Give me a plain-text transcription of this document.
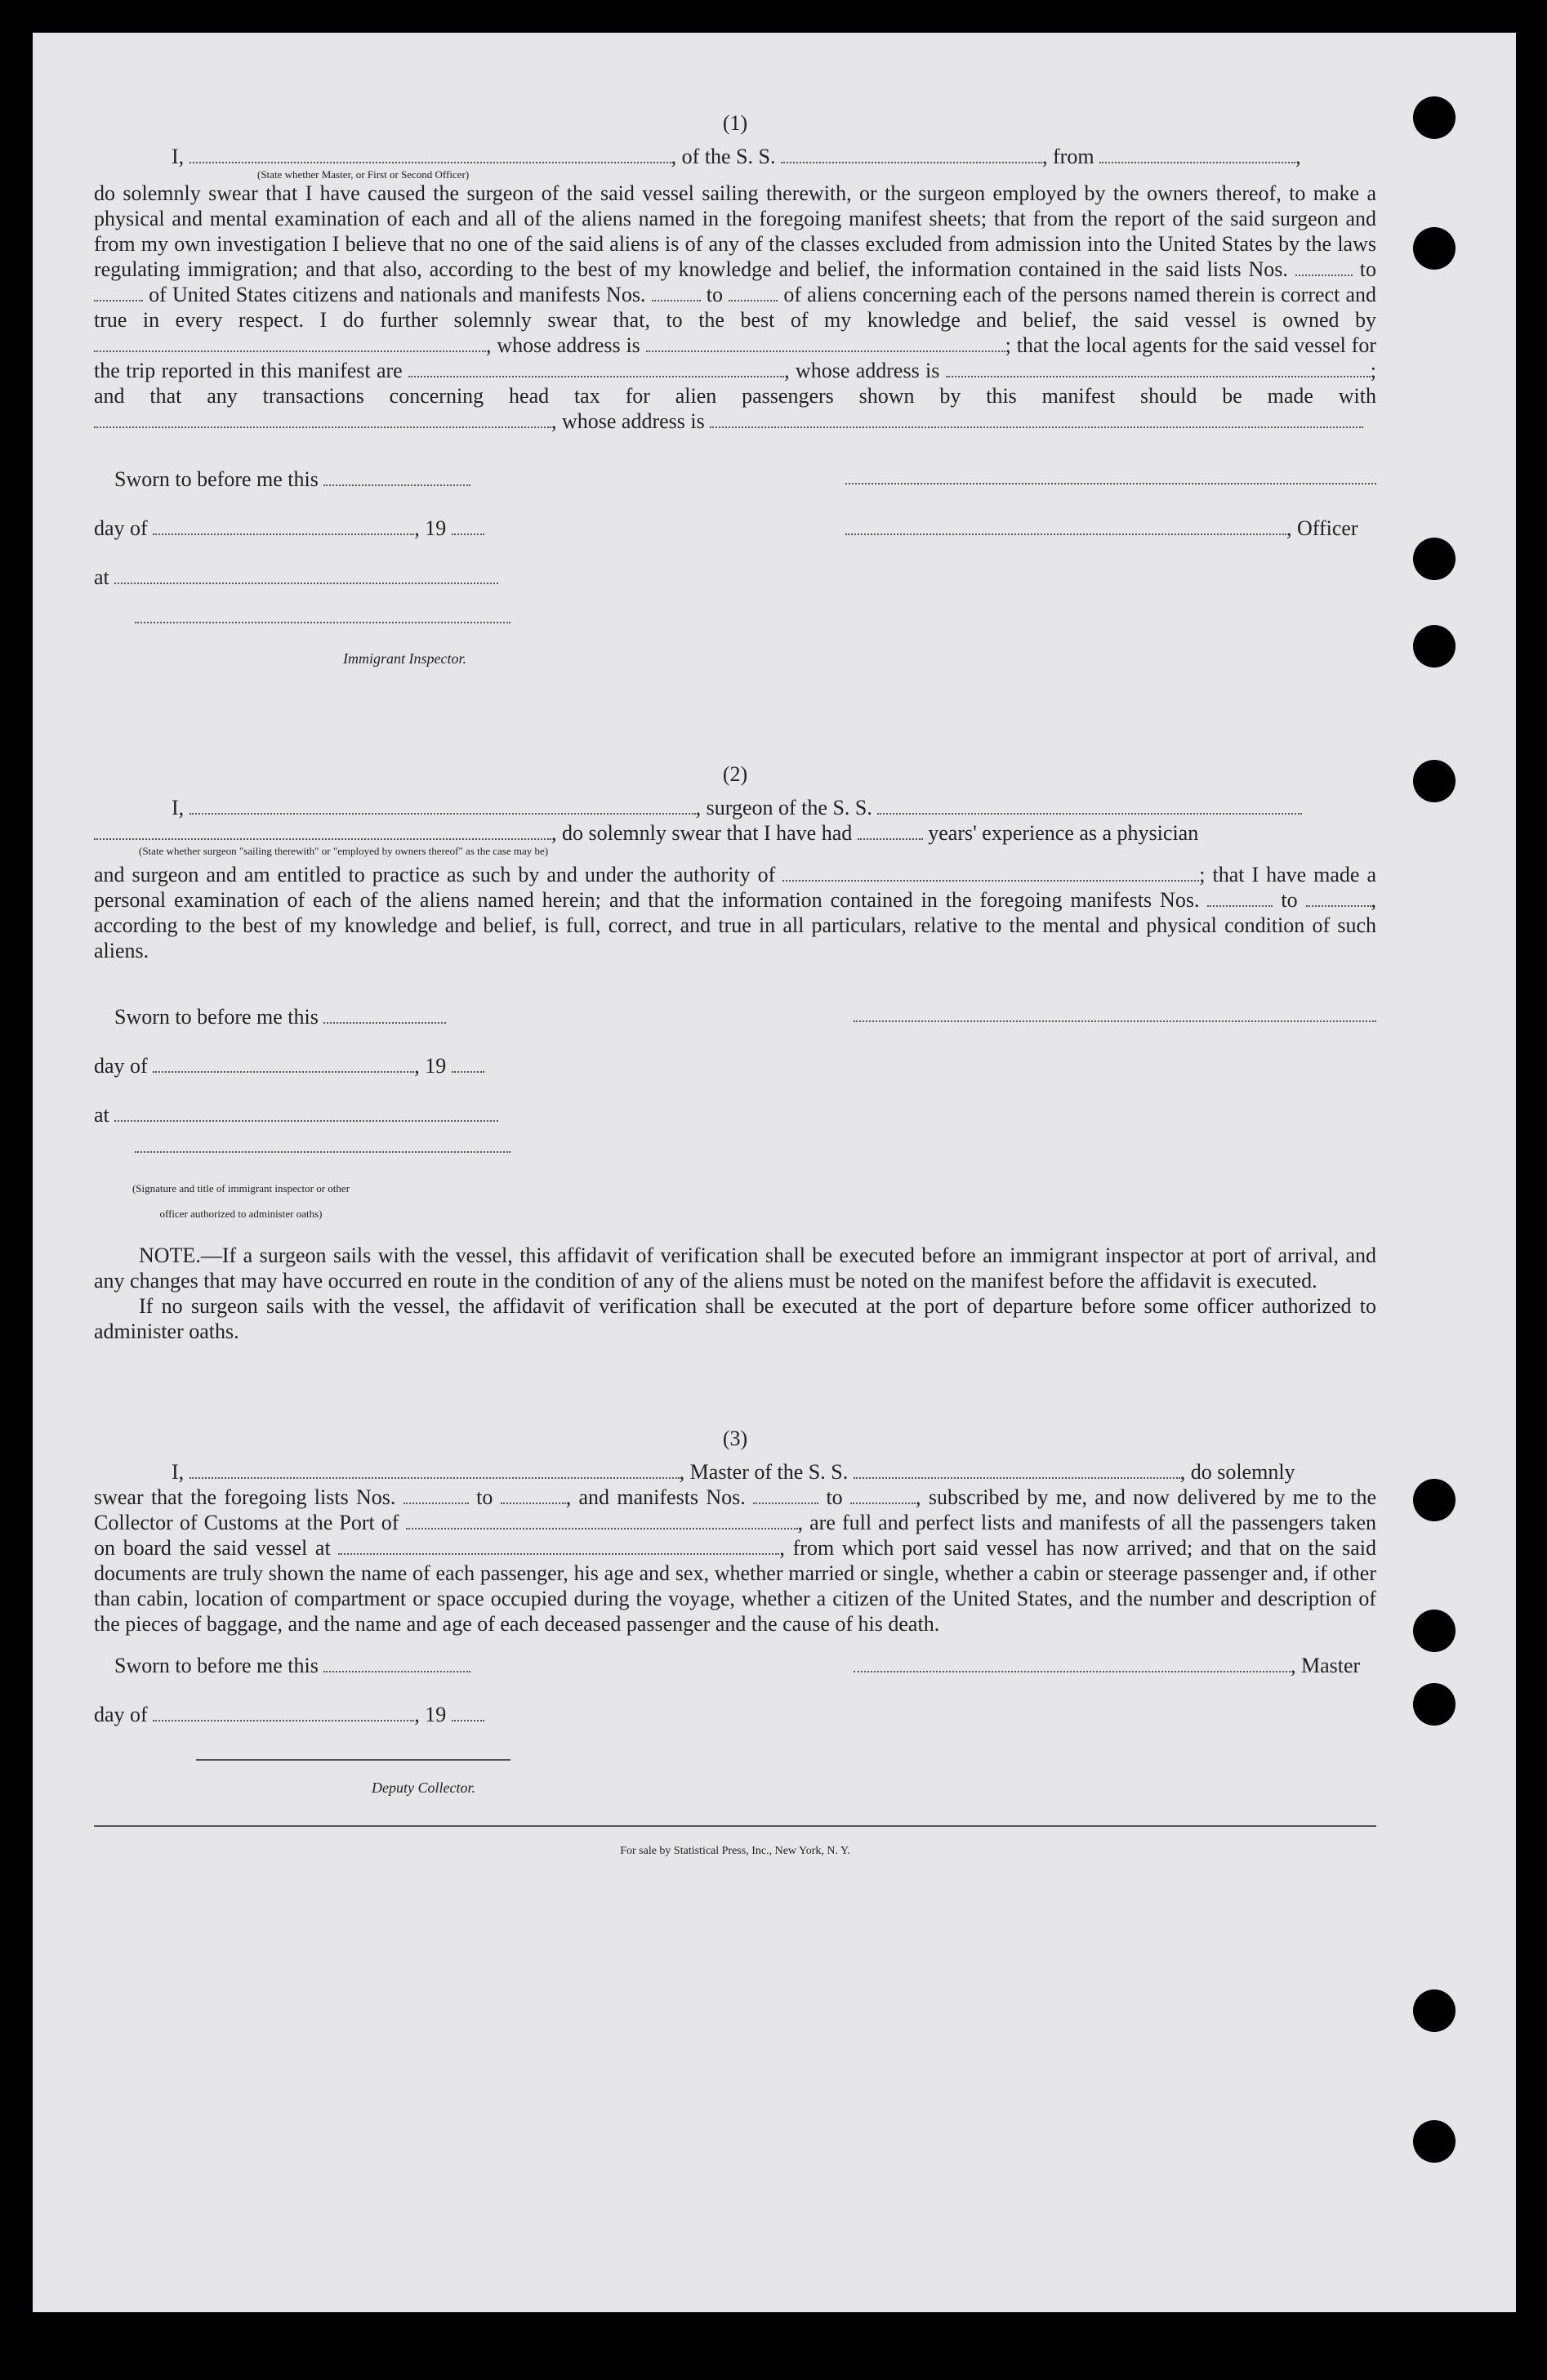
(1)

I,	, of the S. S.	, from	,

(State whether Master, or First or Second Officer)

do solemnly swear that I have caused the surgeon of the said vessel sailing therewith, or the surgeon employed by the owners thereof, to make a physical and mental examination of each and all of the aliens named in the foregoing manifest sheets; that from the report of the said surgeon and from my own investigation I believe that no one of the said aliens is of any of the classes excluded from admission into the United States by the laws regulating immigration; and that also, according to the best of my knowledge and belief, the information contained in the said lists Nos.	to  of United States citizens and nationals and manifests Nos.	to	of aliens concerning each of the persons named therein is correct and true in every respect. I do further solemnly swear that, to the best of my knowledge and belief, the said vessel is owned by , whose address is	; that the local agents for the said vessel for the trip reported in this manifest are	, whose address is	; and that any transactions concerning head tax for alien passengers shown by this manifest should be made with , whose address is

Sworn to before me this
day of	, 19	, Officer
at
Immigrant Inspector.
(2)

I,	, surgeon of the S. S.

, do solemnly swear that I have had	years' experience as a physician

(State whether surgeon "sailing therewith" or "employed by owners thereof" as the case may be)

and surgeon and am entitled to practice as such by and under the authority of	; that I have made a personal examination of each of the aliens named herein; and that the information contained in the foregoing manifests Nos.	to	, according to the best of my knowledge and belief, is full, correct, and true in all particulars, relative to the mental and physical condition of such aliens.

Sworn to before me this
day of	, 19
at
(Signature and title of immigrant inspector or other officer authorized to administer oaths)

NOTE.—If a surgeon sails with the vessel, this affidavit of verification shall be executed before an immigrant inspector at port of arrival, and any changes that may have occurred en route in the condition of any of the aliens must be noted on the manifest before the affidavit is executed.

If no surgeon sails with the vessel, the affidavit of verification shall be executed at the port of departure before some officer authorized to administer oaths.

(3)

I,	, Master of the S. S.	, do solemnly

swear that the foregoing lists Nos.	to	, and manifests Nos.	to	, subscribed by me, and now delivered by me to the Collector of Customs at the Port of	, are full and perfect lists and manifests of all the passengers taken on board the said vessel at	, from which port said vessel has now arrived; and that on the said documents are truly shown the name of each passenger, his age and sex, whether married or single, whether a cabin or steerage passenger and, if other than cabin, location of compartment or space occupied during the voyage, whether a citizen of the United States, and the number and description of the pieces of baggage, and the name and age of each deceased passenger and the cause of his death.

Sworn to before me this	, Master
day of	, 19
Deputy Collector.
For sale by Statistical Press, Inc., New York, N. Y.
